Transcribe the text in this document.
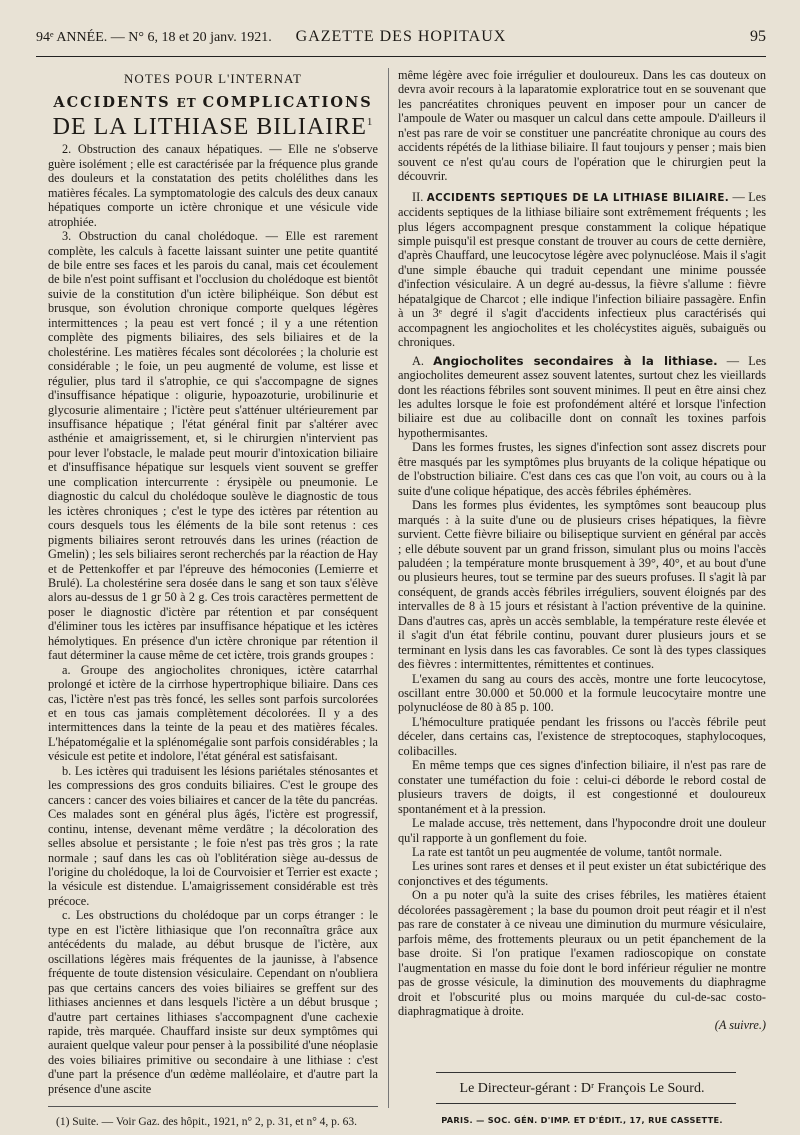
94ᵉ ANNÉE. — N° 6, 18 et 20 janv. 1921.	GAZETTE DES HOPITAUX	95
NOTES POUR L'INTERNAT
ACCIDENTS ET COMPLICATIONS
DE LA LITHIASE BILIAIRE$^1$

2. Obstruction des canaux hépatiques. — Elle ne s'observe guère isolément ; elle est caractérisée par la fréquence plus grande des douleurs et la constatation des petits cholélithes dans les matières fécales. La symptomatologie des calculs des deux canaux hépatiques comporte un ictère chronique et une vésicule vide atrophiée.

3. Obstruction du canal cholédoque. — Elle est rarement complète, les calculs à facette laissant suinter une petite quantité de bile entre ses faces et les parois du canal, mais cet écoulement de bile n'est point suffisant et l'occlusion du cholédoque est bientôt suivie de la constitution d'un ictère biliphéique. Son début est brusque, son évolution chronique comporte quelques légères intermittences ; la peau est vert foncé ; il y a une rétention complète des pigments biliaires, des sels biliaires et de la cholestérine. Les matières fécales sont décolorées ; la cholurie est considérable ; le foie, un peu augmenté de volume, est lisse et régulier, plus tard il s'atrophie, ce qui s'accompagne de signes d'insuffisance hépatique : oligurie, hypoazoturie, urobilinurie et glycosurie alimentaire ; l'ictère peut s'atténuer ultérieurement par insuffisance hépatique ; l'état général finit par s'altérer avec asthénie et amaigrissement, et, si le chirurgien n'intervient pas pour lever l'obstacle, le malade peut mourir d'intoxication biliaire et d'insuffisance hépatique sur lesquels vient souvent se greffer une complication intercurrente : érysipèle ou pneumonie. Le diagnostic du calcul du cholédoque soulève le diagnostic de tous les ictères chroniques ; c'est le type des ictères par rétention au cours desquels tous les éléments de la bile sont retenus : ces pigments biliaires seront retrouvés dans les urines (réaction de Gmelin) ; les sels biliaires seront recherchés par la réaction de Hay et de Pettenkoffer et par l'épreuve des hémoconies (Lemierre et Brulé). La cholestérine sera dosée dans le sang et son taux s'élève alors au-dessus de 1 gr 50 à 2 g. Ces trois caractères permettent de poser le diagnostic d'ictère par rétention et par conséquent d'éliminer tous les ictères par insuffisance hépatique et les ictères hémolytiques. En présence d'un ictère chronique par rétention il faut déterminer la cause même de cet ictère, trois grands groupes :

a. Groupe des angiocholites chroniques, ictère catarrhal prolongé et ictère de la cirrhose hypertrophique biliaire. Dans ces cas, l'ictère n'est pas très foncé, les selles sont parfois surcolorées et en tous cas jamais complètement décolorées. Il y a des intermittences dans la teinte de la peau et des matières fécales. L'hépatomégalie et la splénomégalie sont parfois considérables ; la vésicule est petite et indolore, l'état général est satisfaisant.

b. Les ictères qui traduisent les lésions pariétales sténosantes et les compressions des gros conduits biliaires. C'est le groupe des cancers : cancer des voies biliaires et cancer de la tête du pancréas. Ces malades sont en général plus âgés, l'ictère est progressif, continu, intense, devenant même verdâtre ; la décoloration des selles absolue et persistante ; le foie n'est pas très gros ; la rate normale ; sauf dans les cas où l'oblitération siège au-dessus de l'origine du cholédoque, la loi de Courvoisier et Terrier est exacte ; la vésicule est distendue. L'amaigrissement considérable est très précoce.

c. Les obstructions du cholédoque par un corps étranger : le type en est l'ictère lithiasique que l'on reconnaîtra grâce aux antécédents du malade, au début brusque de l'ictère, aux oscillations légères mais fréquentes de la jaunisse, à l'absence fréquente de toute distension vésiculaire. Cependant on n'oubliera pas que certains cancers des voies biliaires se greffent sur des lithiases anciennes et dans lesquels l'ictère a un début brusque ; d'autre part certaines lithiases s'accompagnent d'une cachexie rapide, très marquée. Chauffard insiste sur deux symptômes qui auraient quelque valeur pour penser à la possibilité d'une néoplasie des voies biliaires primitive ou secondaire à une lithiase : c'est d'une part la présence d'un œdème malléolaire, et d'autre part la présence d'une ascite

même légère avec foie irrégulier et douloureux. Dans les cas douteux on devra avoir recours à la laparatomie exploratrice tout en se souvenant que les pancréatites chroniques peuvent en imposer pour un cancer de l'ampoule de Water ou masquer un calcul dans cette ampoule. D'ailleurs il n'est pas rare de voir se constituer une pancréatite chronique au cours des accidents répétés de la lithiase biliaire. Il faut toujours y penser ; mais bien souvent ce n'est qu'au cours de l'opération que le chirurgien peut la découvrir.

II. ACCIDENTS SEPTIQUES DE LA LITHIASE BILIAIRE. — Les accidents septiques de la lithiase biliaire sont extrêmement fréquents ; les plus légers accompagnent presque constamment la colique hépatique simple puisqu'il est presque constant de trouver au cours de cette dernière, d'après Chauffard, une leucocytose légère avec polynucléose. Mais il s'agit d'une simple ébauche qui traduit cependant une minime poussée d'infection vésiculaire. A un degré au-dessus, la fièvre s'allume : fièvre hépatalgique de Charcot ; elle indique l'infection biliaire passagère. Enfin à un 3ᵉ degré il s'agit d'accidents infectieux plus caractérisés qui accompagnent les angiocholites et les cholécystites aiguës, subaiguës ou chroniques.

A. Angiocholites secondaires à la lithiase. — Les angiocholites demeurent assez souvent latentes, surtout chez les vieillards dont les réactions fébriles sont souvent minimes. Il peut en être ainsi chez les adultes lorsque le foie est profondément altéré et lorsque l'infection biliaire est due au colibacille dont on connaît les toxines parfois hypothermisantes.

Dans les formes frustes, les signes d'infection sont assez discrets pour être masqués par les symptômes plus bruyants de la colique hépatique ou de l'obstruction biliaire. C'est dans ces cas que l'on voit, au cours ou à la suite d'une colique hépatique, des accès fébriles éphémères.

Dans les formes plus évidentes, les symptômes sont beaucoup plus marqués : à la suite d'une ou de plusieurs crises hépatiques, la fièvre survient. Cette fièvre biliaire ou biliseptique survient en général par accès ; elle débute souvent par un grand frisson, simulant plus ou moins l'accès paludéen ; la température monte brusquement à 39°, 40°, et au bout d'une ou plusieurs heures, tout se termine par des sueurs profuses. Il s'agit là par conséquent, de grands accès fébriles irréguliers, souvent éloignés par des intervalles de 8 à 15 jours et résistant à l'action préventive de la quinine. Dans d'autres cas, après un accès semblable, la température reste élevée et il s'agit d'un état fébrile continu, pouvant durer plusieurs jours et se terminant en lysis dans les cas favorables. Ce sont là des types classiques des fièvres : intermittentes, rémittentes et continues.

L'examen du sang au cours des accès, montre une forte leucocytose, oscillant entre 30.000 et 50.000 et la formule leucocytaire montre une polynucléose de 80 à 85 p. 100.

L'hémoculture pratiquée pendant les frissons ou l'accès fébrile peut déceler, dans certains cas, l'existence de streptocoques, staphylocoques, colibacilles.

En même temps que ces signes d'infection biliaire, il n'est pas rare de constater une tuméfaction du foie : celui-ci déborde le rebord costal de plusieurs travers de doigts, il est congestionné et douloureux spontanément et à la pression.

Le malade accuse, très nettement, dans l'hypocondre droit une douleur qu'il rapporte à un gonflement du foie.

La rate est tantôt un peu augmentée de volume, tantôt normale.

Les urines sont rares et denses et il peut exister un état subictérique des conjonctives et des téguments.

On a pu noter qu'à la suite des crises fébriles, les matières étaient décolorées passagèrement ; la base du poumon droit peut réagir et il n'est pas rare de constater à ce niveau une diminution du murmure vésiculaire, parfois même, des frottements pleuraux ou un petit épanchement de la base droite. Si l'on pratique l'examen radioscopique on constate l'augmentation en masse du foie dont le bord inférieur régulier ne montre pas de grosse vésicule, la diminution des mouvements du diaphragme droit et l'obscurité plus ou moins marquée du cul-de-sac costo-diaphragmatique à droite.

(A suivre.)

Le Directeur-gérant : Dʳ François Le Sourd.
PARIS. — SOC. GÉN. D'IMP. ET D'ÉDIT., 17, RUE CASSETTE.
(1) Suite. — Voir Gaz. des hôpit., 1921, n° 2, p. 31, et n° 4, p. 63.
